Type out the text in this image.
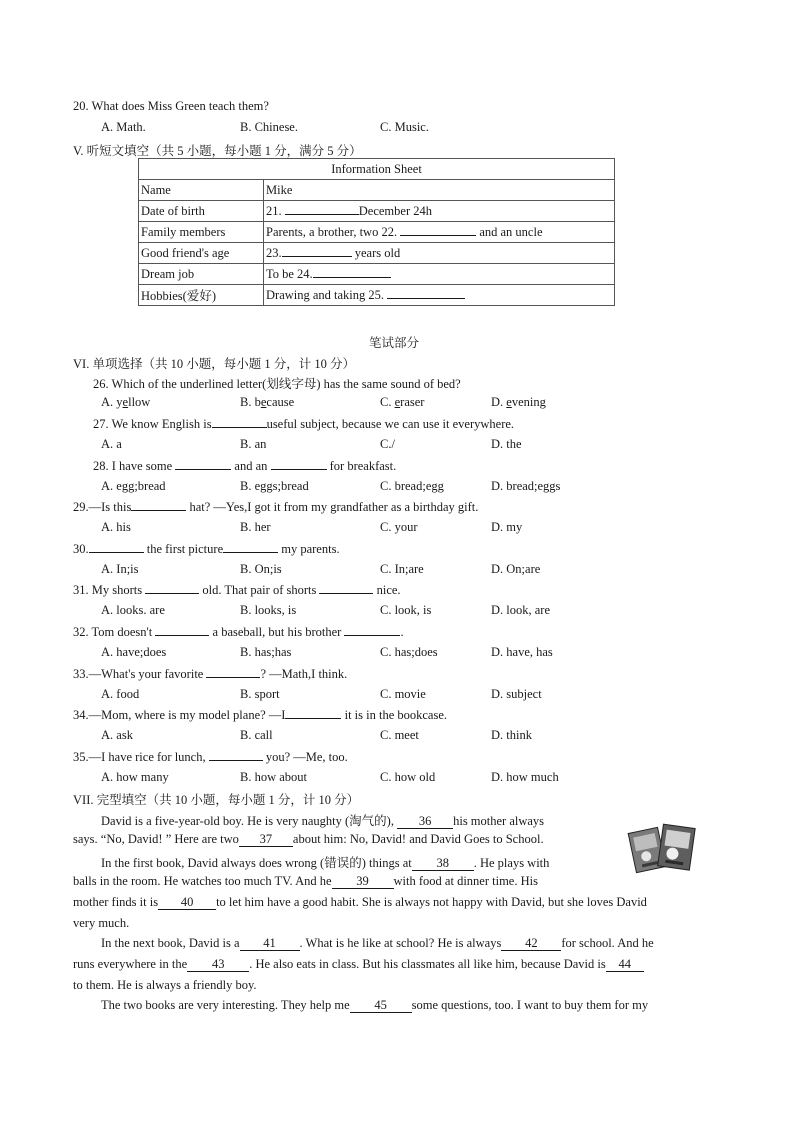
20. What does Miss Green teach them?
A. Math.	B. Chinese.	C. Music.
V. 听短文填空（共 5 小题，每小题 1 分，满分 5 分）
Information Sheet	
Name	Mike
Date of birth	21. December 24h
Family members	Parents, a brother, two 22. and an uncle
Good friend's age	23. years old
Dream job	To be 24.
Hobbies(爱好)	Drawing and taking 25.
笔试部分
VI. 单项选择（共 10 小题，每小题 1 分，计 10 分）
26. Which of the underlined letter(划线字母) has the same sound of bed?
A. yellow	B. because	C. eraser	D. evening
27. We know English is	useful subject, because we can use it everywhere.
A. a	B. an	C./	D. the
28. I have some	and an	for breakfast.
A. egg;bread	B. eggs;bread	C. bread;egg	D. bread;eggs
29.—Is this	hat? —Yes,I got it from my grandfather as a birthday gift.
A. his	B. her	C. your	D. my
30.	the first picture	my parents.
A. In;is	B. On;is	C. In;are	D. On;are
31. My shorts	old. That pair of shorts	nice.
A. looks. are	B. looks, is	C. look, is	D. look, are
32. Tom doesn't	a baseball, but his brother	.
A. have;does	B. has;has	C. has;does	D. have, has
33.—What's your favorite	? —Math,I think.
A. food	B. sport	C. movie	D. subject
34.—Mom, where is my model plane? —I	it is in the bookcase.
A. ask	B. call	C. meet	D. think
35.—I have rice for lunch,	you? —Me, too.
A. how many	B. how about	C. how old	D. how much
VII. 完型填空（共 10 小题，每小题 1 分，计 10 分）
David is a five-year-old boy. He is very naughty (淘气的), 36 his mother always
says. “No, David! ” Here are two 37 about him: No, David! and David Goes to School.
In the first book, David always does wrong (错误的) things at 38 . He plays with
balls in the room. He watches too much TV. And he 39 with food at dinner time. His
mother finds it is 40 to let him have a good habit. She is always not happy with David, but she loves David
very much.
In the next book, David is a 41 . What is he like at school? He is always 42 for school. And he
runs everywhere in the 43 . He also eats in class. But his classmates all like him, because David is 44
to them. He is always a friendly boy.
The two books are very interesting. They help me 45 some questions, too. I want to buy them for my
